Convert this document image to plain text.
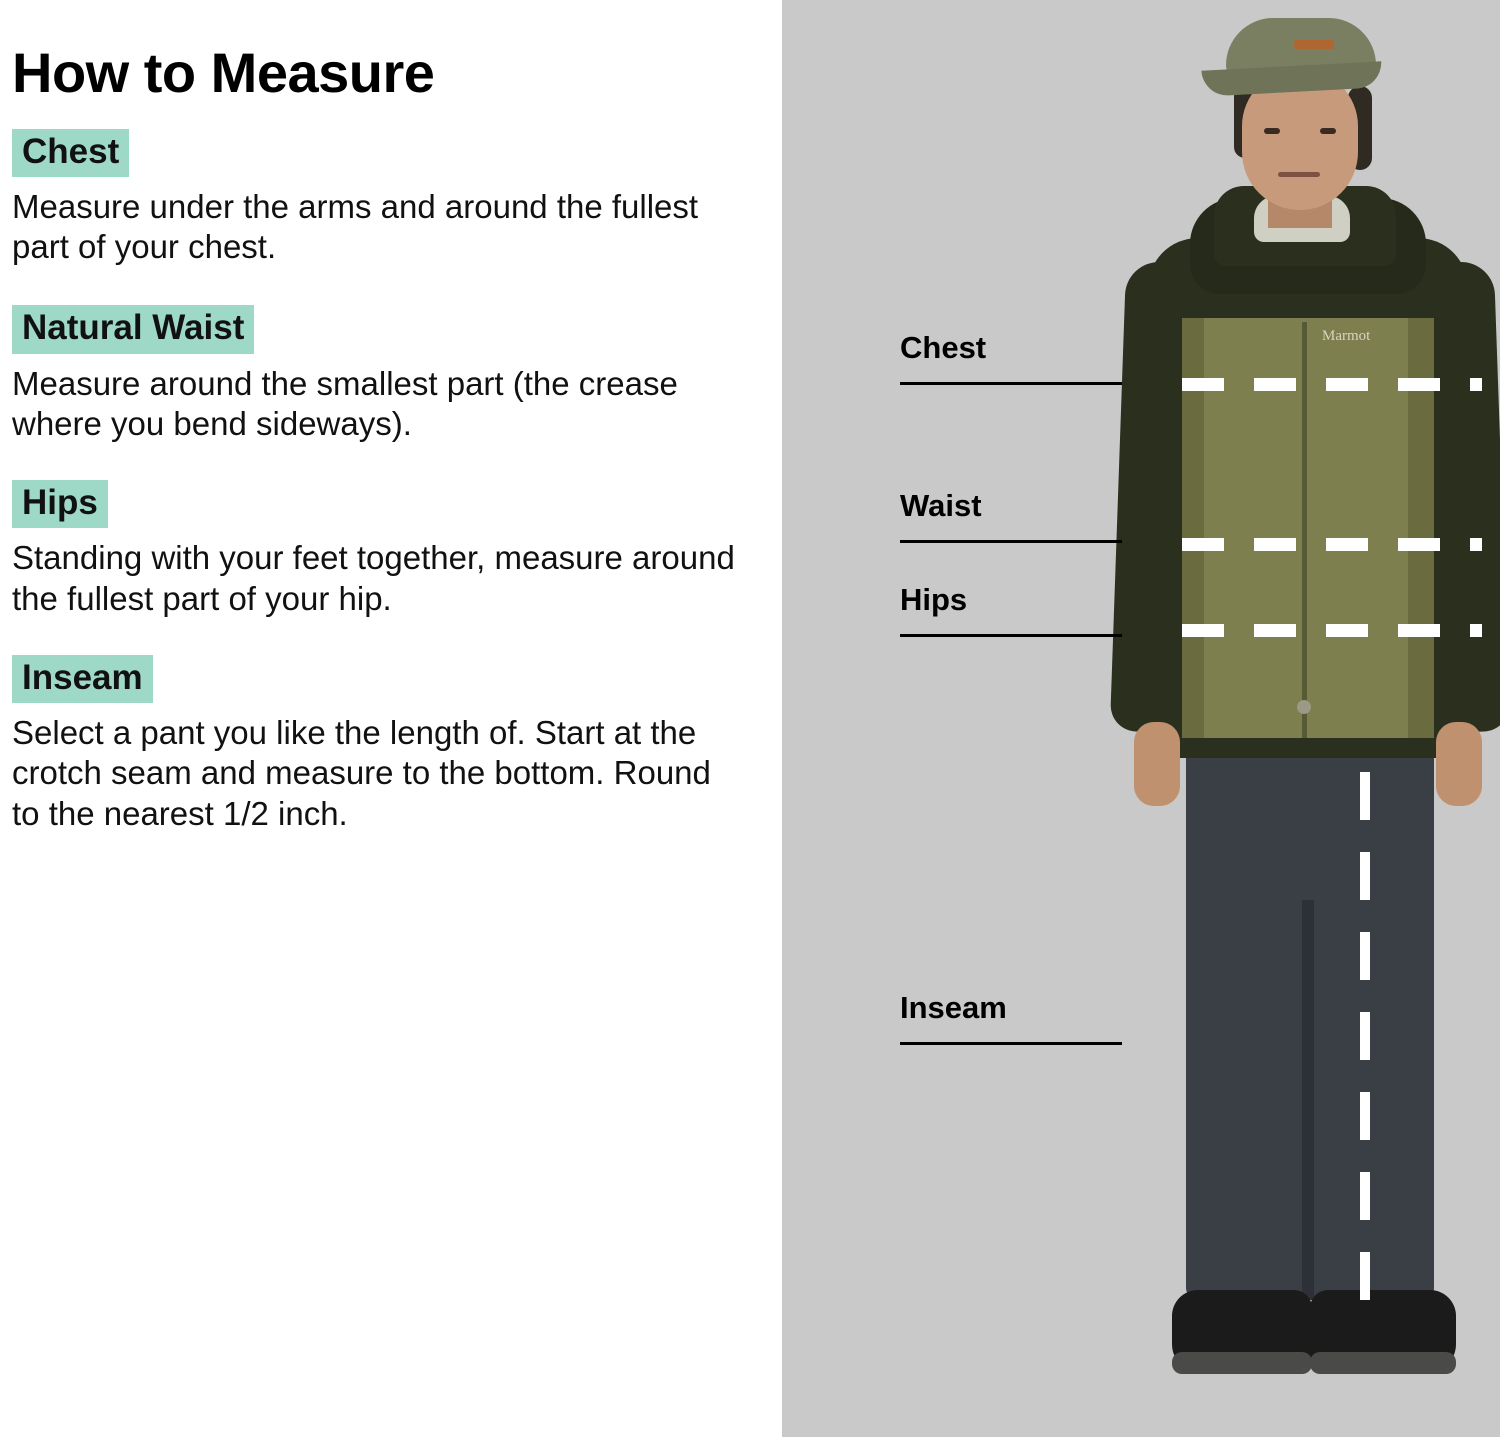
How to Measure
Chest

Measure under the arms and around the fullest part of your chest.

Natural Waist

Measure around the smallest part (the crease where you bend sideways).

Hips

Standing with your feet together, measure around the fullest part of your hip.

Inseam

Select a pant you like the length of. Start at the crotch seam and measure to the bottom. Round to the nearest 1/2 inch.

Marmot
Chest
Waist
Hips
Inseam
